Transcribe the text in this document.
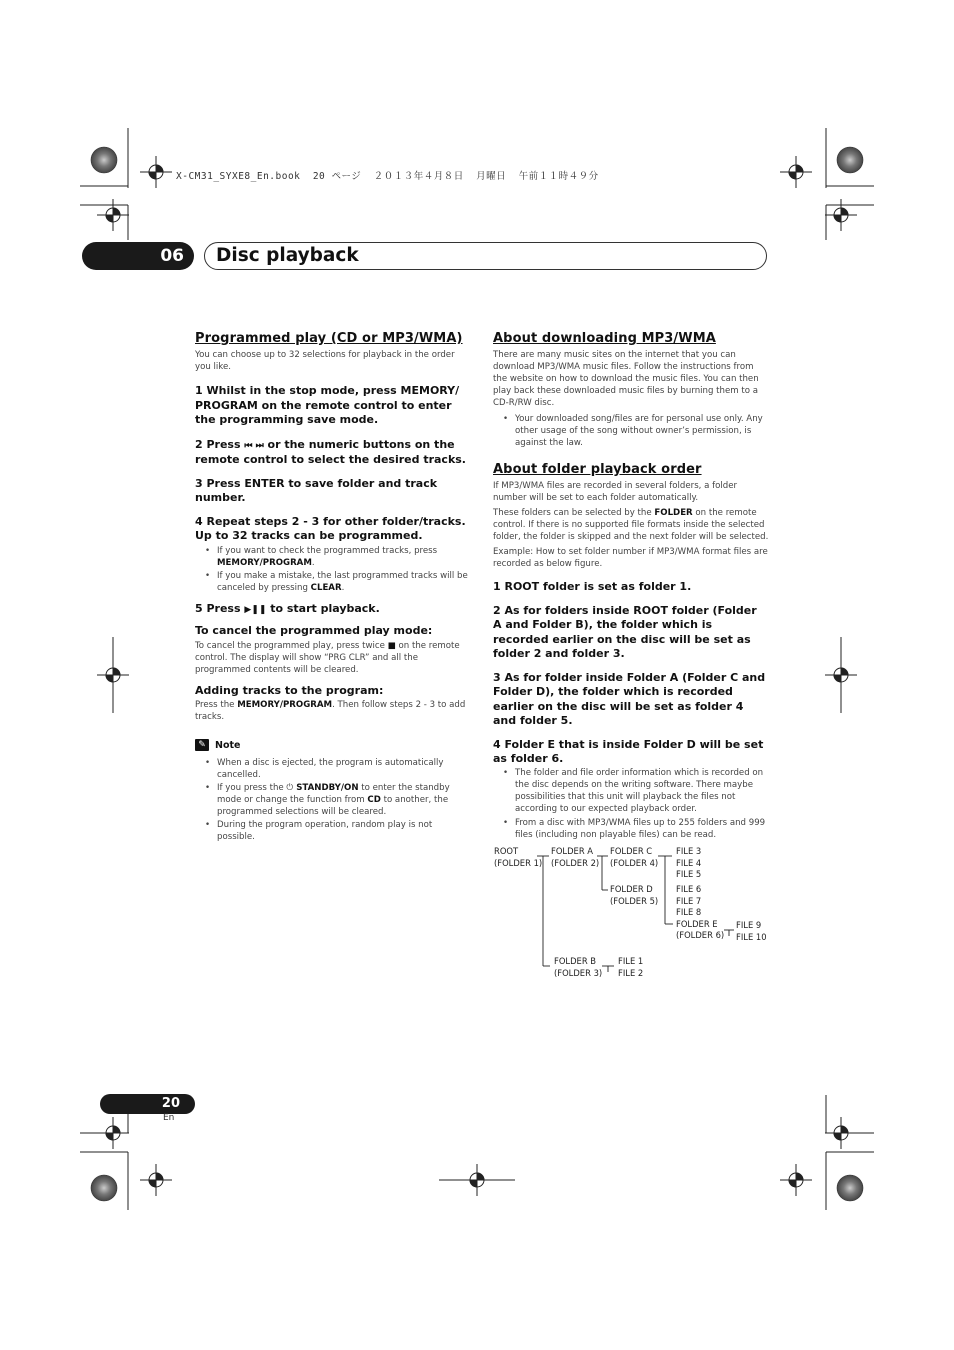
X-CM31_SYXE8_En.book  20 ページ  ２０１３年４月８日  月曜日  午前１１時４９分
06 Disc playback
Programmed play (CD or MP3/WMA)

You can choose up to 32 selections for playback in the order you like.

1 Whilst in the stop mode, press MEMORY/ PROGRAM on the remote control to enter the programming save mode.

2 Press ⏮ ⏭ or the numeric buttons on the remote control to select the desired tracks.

3 Press ENTER to save folder and track number.

4 Repeat steps 2 - 3 for other folder/tracks. Up to 32 tracks can be programmed.

• If you want to check the programmed tracks, press MEMORY/PROGRAM.
• If you make a mistake, the last programmed tracks will be canceled by pressing CLEAR.

5 Press ▶❚❚ to start playback.

To cancel the programmed play mode:

To cancel the programmed play, press twice ■ on the remote control. The display will show “PRG CLR” and all the programmed contents will be cleared.

Adding tracks to the program:

Press the MEMORY/PROGRAM. Then follow steps 2 - 3 to add tracks.

✎ Note
• When a disc is ejected, the program is automatically cancelled.
• If you press the ⏻ STANDBY/ON to enter the standby mode or change the function from CD to another, the programmed selections will be cleared.
• During the program operation, random play is not possible.
About downloading MP3/WMA

There are many music sites on the internet that you can download MP3/WMA music files. Follow the instructions from the website on how to download the music files. You can then play back these downloaded music files by burning them to a CD-R/RW disc.

• Your downloaded song/files are for personal use only. Any other usage of the song without owner’s permission, is against the law.
About folder playback order

If MP3/WMA files are recorded in several folders, a folder number will be set to each folder automatically.

These folders can be selected by the FOLDER on the remote control. If there is no supported file formats inside the selected folder, the folder is skipped and the next folder will be selected.

Example: How to set folder number if MP3/WMA format files are recorded as below figure.

1 ROOT folder is set as folder 1.

2 As for folders inside ROOT folder (Folder A and Folder B), the folder which is recorded earlier on the disc will be set as folder 2 and folder 3.

3 As for folder inside Folder A (Folder C and Folder D), the folder which is recorded earlier on the disc will be set as folder 4 and folder 5.

4 Folder E that is inside Folder D will be set as folder 6.

• The folder and file order information which is recorded on the disc depends on the writing software. There maybe possibilities that this unit will playback the files not according to our expected playback order.
• From a disc with MP3/WMA files up to 255 folders and 999 files (including non playable files) can be read.
ROOT
(FOLDER 1)
FOLDER A
(FOLDER 2)
FOLDER C
(FOLDER 4)
FOLDER D
(FOLDER 5)
FOLDER B
(FOLDER 3)
FILE 3
FILE 4
FILE 5
FILE 6
FILE 7
FILE 8
FOLDER E
(FOLDER 6)
FILE 9
FILE 10
FILE 1
FILE 2
20
En
